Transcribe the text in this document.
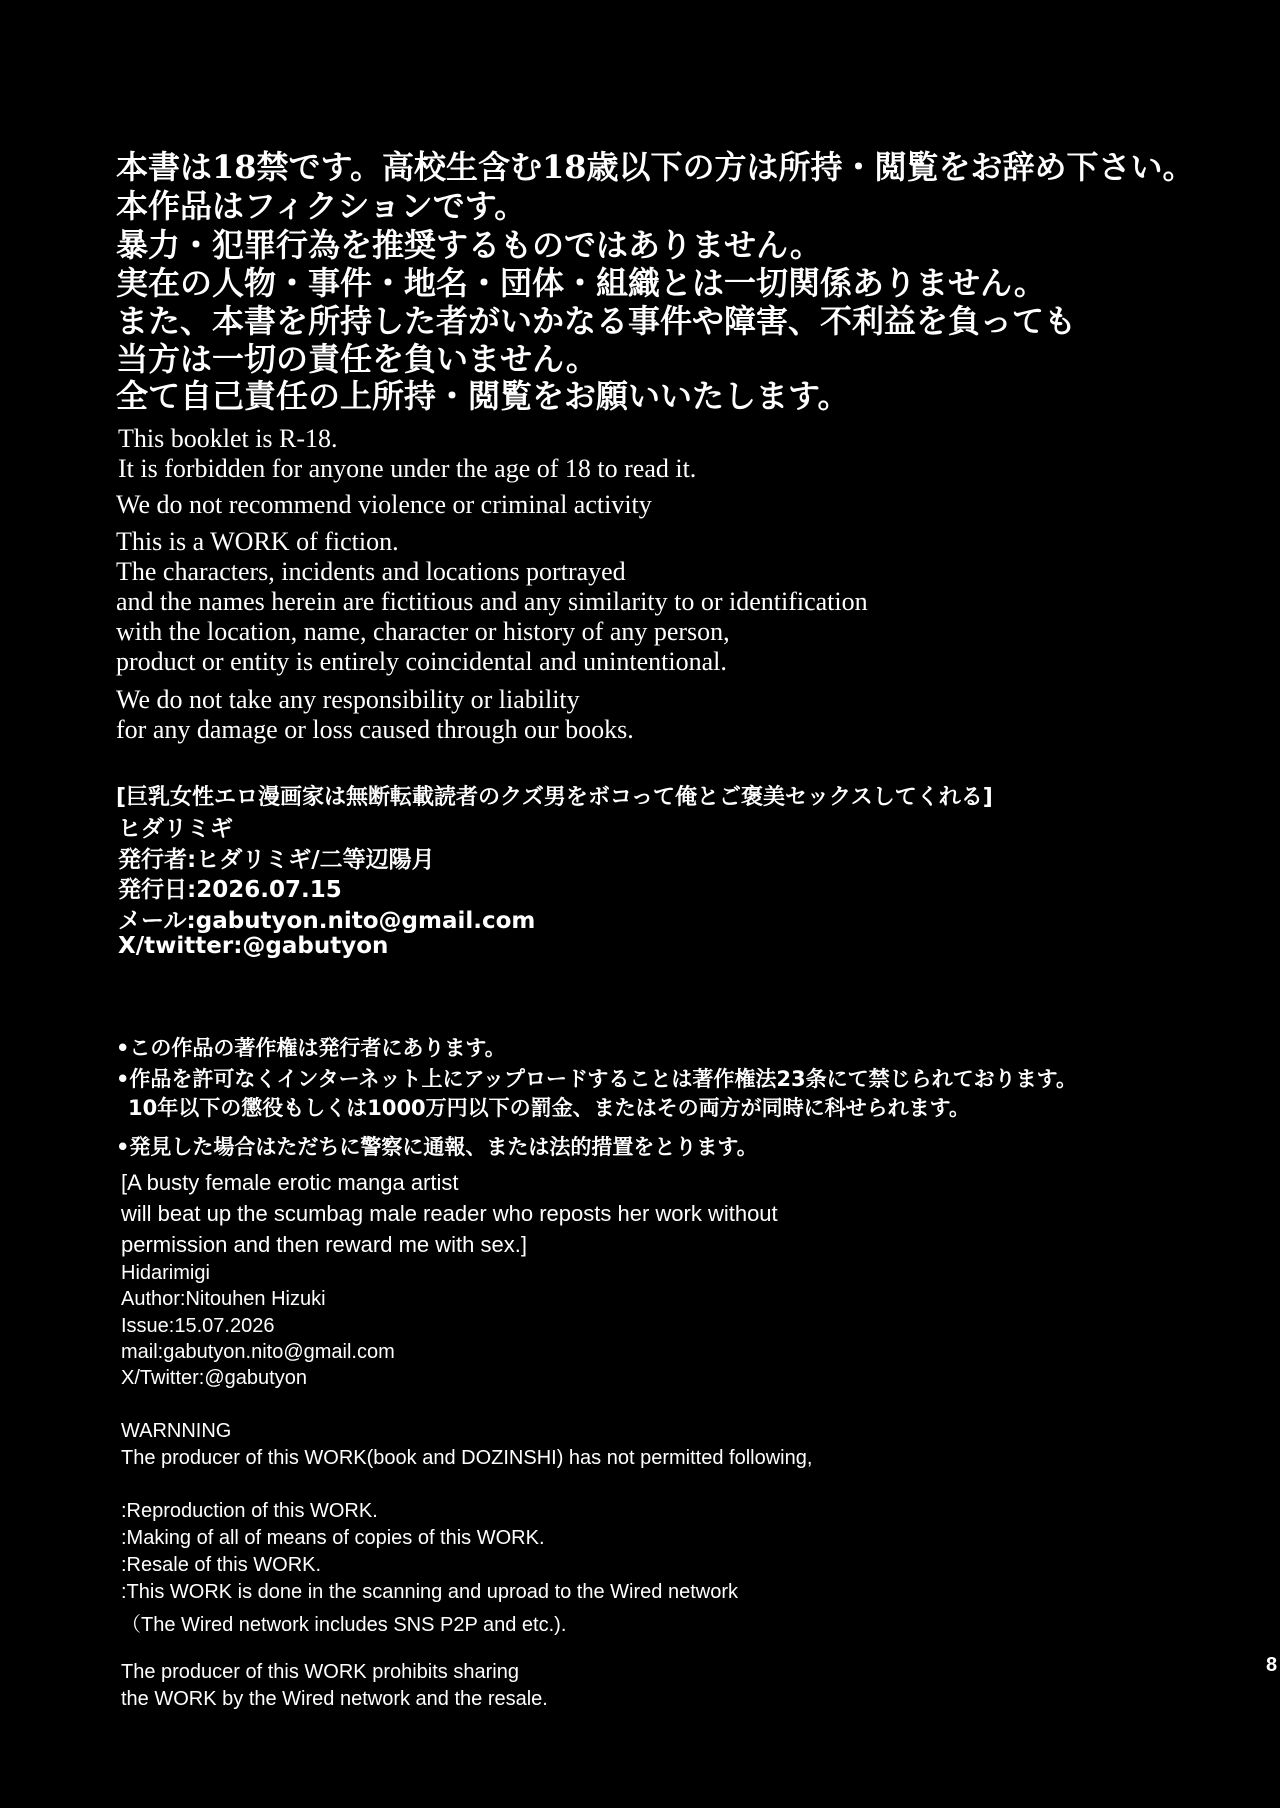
本書は18禁です。高校生含む18歳以下の方は所持・閲覧をお辞め下さい。
本作品はフィクションです。
暴力・犯罪行為を推奨するものではありません。
実在の人物・事件・地名・団体・組織とは一切関係ありません。
また、本書を所持した者がいかなる事件や障害、不利益を負っても
当方は一切の責任を負いません。
全て自己責任の上所持・閲覧をお願いいたします。
This booklet is R-18.
It is forbidden for anyone under the age of 18 to read it.
We do not recommend violence or criminal activity
This is a WORK of fiction.
The characters, incidents and locations portrayed
and the names herein are fictitious and any similarity to or identification
with the location, name, character or history of any person,
product or entity is entirely coincidental and unintentional.
We do not take any responsibility or liability
for any damage or loss caused through our books.
[巨乳女性エロ漫画家は無断転載読者のクズ男をボコって俺とご褒美セックスしてくれる]
ヒダリミギ
発行者:ヒダリミギ/二等辺陽月
発行日:2026.07.15
メール:gabutyon.nito@gmail.com
X/twitter:@gabutyon
•この作品の著作権は発行者にあります。
•作品を許可なくインターネット上にアップロードすることは著作権法23条にて禁じられております。
10年以下の懲役もしくは1000万円以下の罰金、またはその両方が同時に科せられます。
•発見した場合はただちに警察に通報、または法的措置をとります。
[A busty female erotic manga artist
will beat up the scumbag male reader who reposts her work without
permission and then reward me with sex.]
Hidarimigi
Author:Nitouhen Hizuki
Issue:15.07.2026
mail:gabutyon.nito@gmail.com
X/Twitter:@gabutyon
WARNNING
The producer of this WORK(book and DOZINSHI) has not permitted following,
:Reproduction of this WORK.
:Making of all of means of copies of this WORK.
:Resale of this WORK.
:This WORK is done in the scanning and uproad to the Wired network
（The Wired network includes SNS P2P and etc.).
The producer of this WORK prohibits sharing
the WORK by the Wired network and the resale.
8
